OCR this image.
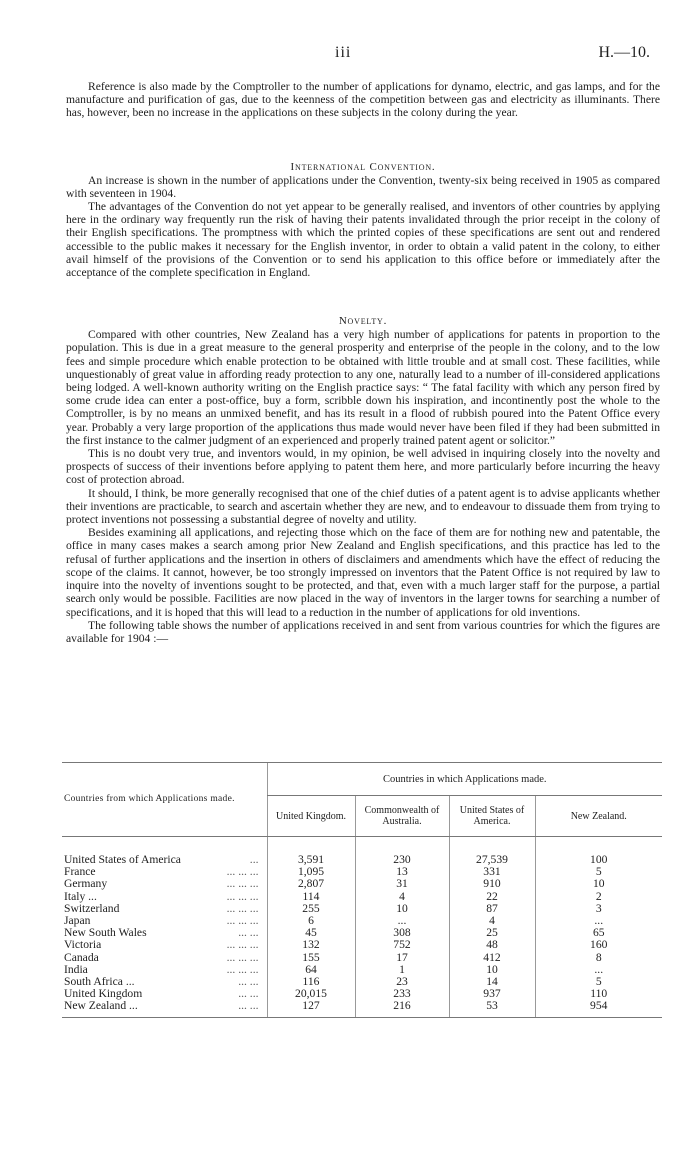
iii	H.—10.

Reference is also made by the Comptroller to the number of applications for dynamo, electric, and gas lamps, and for the manufacture and purification of gas, due to the keenness of the competition between gas and electricity as illuminants. There has, however, been no increase in the applications on these subjects in the colony during the year.

International Convention.

An increase is shown in the number of applications under the Convention, twenty-six being received in 1905 as compared with seventeen in 1904.

The advantages of the Convention do not yet appear to be generally realised, and inventors of other countries by applying here in the ordinary way frequently run the risk of having their patents invalidated through the prior receipt in the colony of their English specifications. The promptness with which the printed copies of these specifications are sent out and rendered accessible to the public makes it necessary for the English inventor, in order to obtain a valid patent in the colony, to either avail himself of the provisions of the Convention or to send his application to this office before or immediately after the acceptance of the complete specification in England.

Novelty.

Compared with other countries, New Zealand has a very high number of applications for patents in proportion to the population. This is due in a great measure to the general prosperity and enterprise of the people in the colony, and to the low fees and simple procedure which enable protection to be obtained with little trouble and at small cost. These facilities, while unquestionably of great value in affording ready protection to any one, naturally lead to a number of ill-considered applications being lodged. A well-known authority writing on the English practice says: “ The fatal facility with which any person fired by some crude idea can enter a post-office, buy a form, scribble down his inspiration, and incontinently post the whole to the Comptroller, is by no means an unmixed benefit, and has its result in a flood of rubbish poured into the Patent Office every year. Probably a very large proportion of the applications thus made would never have been filed if they had been submitted in the first instance to the calmer judgment of an experienced and properly trained patent agent or solicitor.”

This is no doubt very true, and inventors would, in my opinion, be well advised in inquiring closely into the novelty and prospects of success of their inventions before applying to patent them here, and more particularly before incurring the heavy cost of protection abroad.

It should, I think, be more generally recognised that one of the chief duties of a patent agent is to advise applicants whether their inventions are practicable, to search and ascertain whether they are new, and to endeavour to dissuade them from trying to protect inventions not possessing a substantial degree of novelty and utility.

Besides examining all applications, and rejecting those which on the face of them are for nothing new and patentable, the office in many cases makes a search among prior New Zealand and English specifications, and this practice has led to the refusal of further applications and the insertion in others of disclaimers and amendments which have the effect of reducing the scope of the claims. It cannot, however, be too strongly impressed on inventors that the Patent Office is not required by law to inquire into the novelty of inventions sought to be protected, and that, even with a much larger staff for the purpose, a partial search only would be possible. Facilities are now placed in the way of inventors in the larger towns for searching a number of specifications, and it is hoped that this will lead to a reduction in the number of applications for old inventions.

The following table shows the number of applications received in and sent from various countries for which the figures are available for 1904 :—

Countries from which Applications made.	Countries in which Applications made.			
	United Kingdom.	Commonwealth of Australia.	United States of America.	New Zealand.
United States of America ...	3,591	230	27,539	100
France ... ... ...	1,095	13	331	5
Germany ... ... ...	2,807	31	910	10
Italy ... ... ... ...	114	4	22	2
Switzerland ... ... ...	255	10	87	3
Japan ... ... ...	6	...	4	...
New South Wales ... ...	45	308	25	65
Victoria ... ... ...	132	752	48	160
Canada ... ... ...	155	17	412	8
India ... ... ...	64	1	10	...
South Africa ... ... ...	116	23	14	5
United Kingdom ... ...	20,015	233	937	110
New Zealand ... ... ...	127	216	53	954
